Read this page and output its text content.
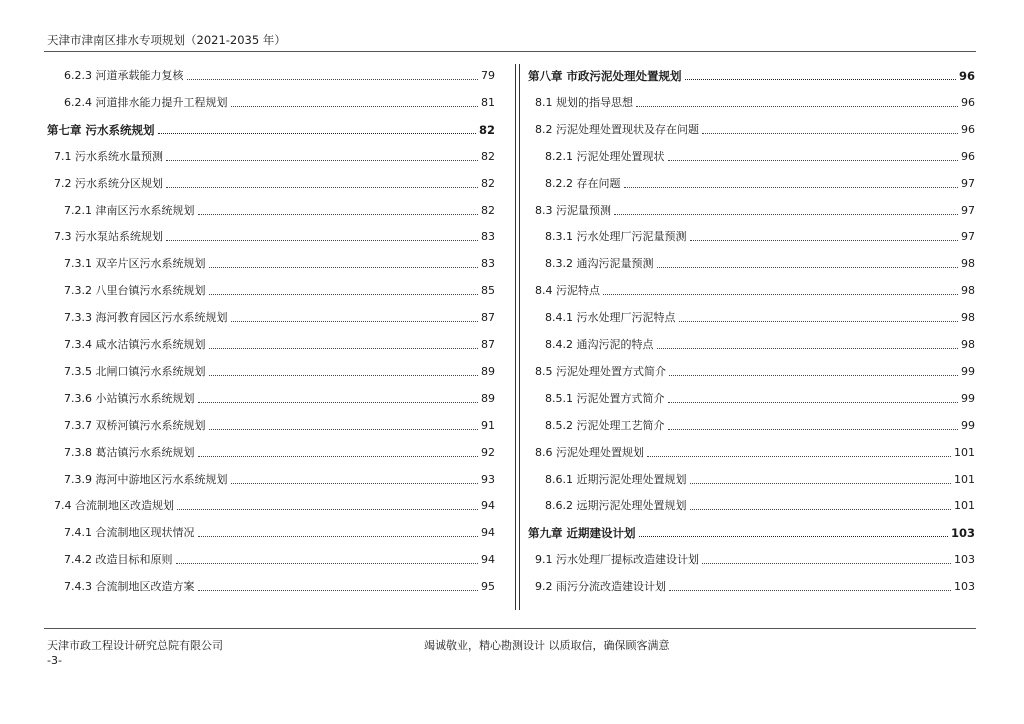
天津市津南区排水专项规划（2021-2035 年）
6.2.3 河道承载能力复核	79
6.2.4 河道排水能力提升工程规划	81
第七章 污水系统规划	82
7.1 污水系统水量预测	82
7.2 污水系统分区规划	82
7.2.1 津南区污水系统规划	82
7.3 污水泵站系统规划	83
7.3.1 双辛片区污水系统规划	83
7.3.2 八里台镇污水系统规划	85
7.3.3 海河教育园区污水系统规划	87
7.3.4 咸水沽镇污水系统规划	87
7.3.5 北闸口镇污水系统规划	89
7.3.6 小站镇污水系统规划	89
7.3.7 双桥河镇污水系统规划	91
7.3.8 葛沽镇污水系统规划	92
7.3.9 海河中游地区污水系统规划	93
7.4 合流制地区改造规划	94
7.4.1 合流制地区现状情况	94
7.4.2 改造目标和原则	94
7.4.3 合流制地区改造方案	95
第八章 市政污泥处理处置规划	96
8.1 规划的指导思想	96
8.2 污泥处理处置现状及存在问题	96
8.2.1 污泥处理处置现状	96
8.2.2 存在问题	97
8.3 污泥量预测	97
8.3.1 污水处理厂污泥量预测	97
8.3.2 通沟污泥量预测	98
8.4 污泥特点	98
8.4.1 污水处理厂污泥特点	98
8.4.2 通沟污泥的特点	98
8.5 污泥处理处置方式简介	99
8.5.1 污泥处置方式简介	99
8.5.2 污泥处理工艺简介	99
8.6 污泥处理处置规划	101
8.6.1 近期污泥处理处置规划	101
8.6.2 远期污泥处理处置规划	101
第九章 近期建设计划	103
9.1 污水处理厂提标改造建设计划	103
9.2 雨污分流改造建设计划	103
天津市政工程设计研究总院有限公司	竭诚敬业，精心勘测设计 以质取信，确保顾客满意
-3-
